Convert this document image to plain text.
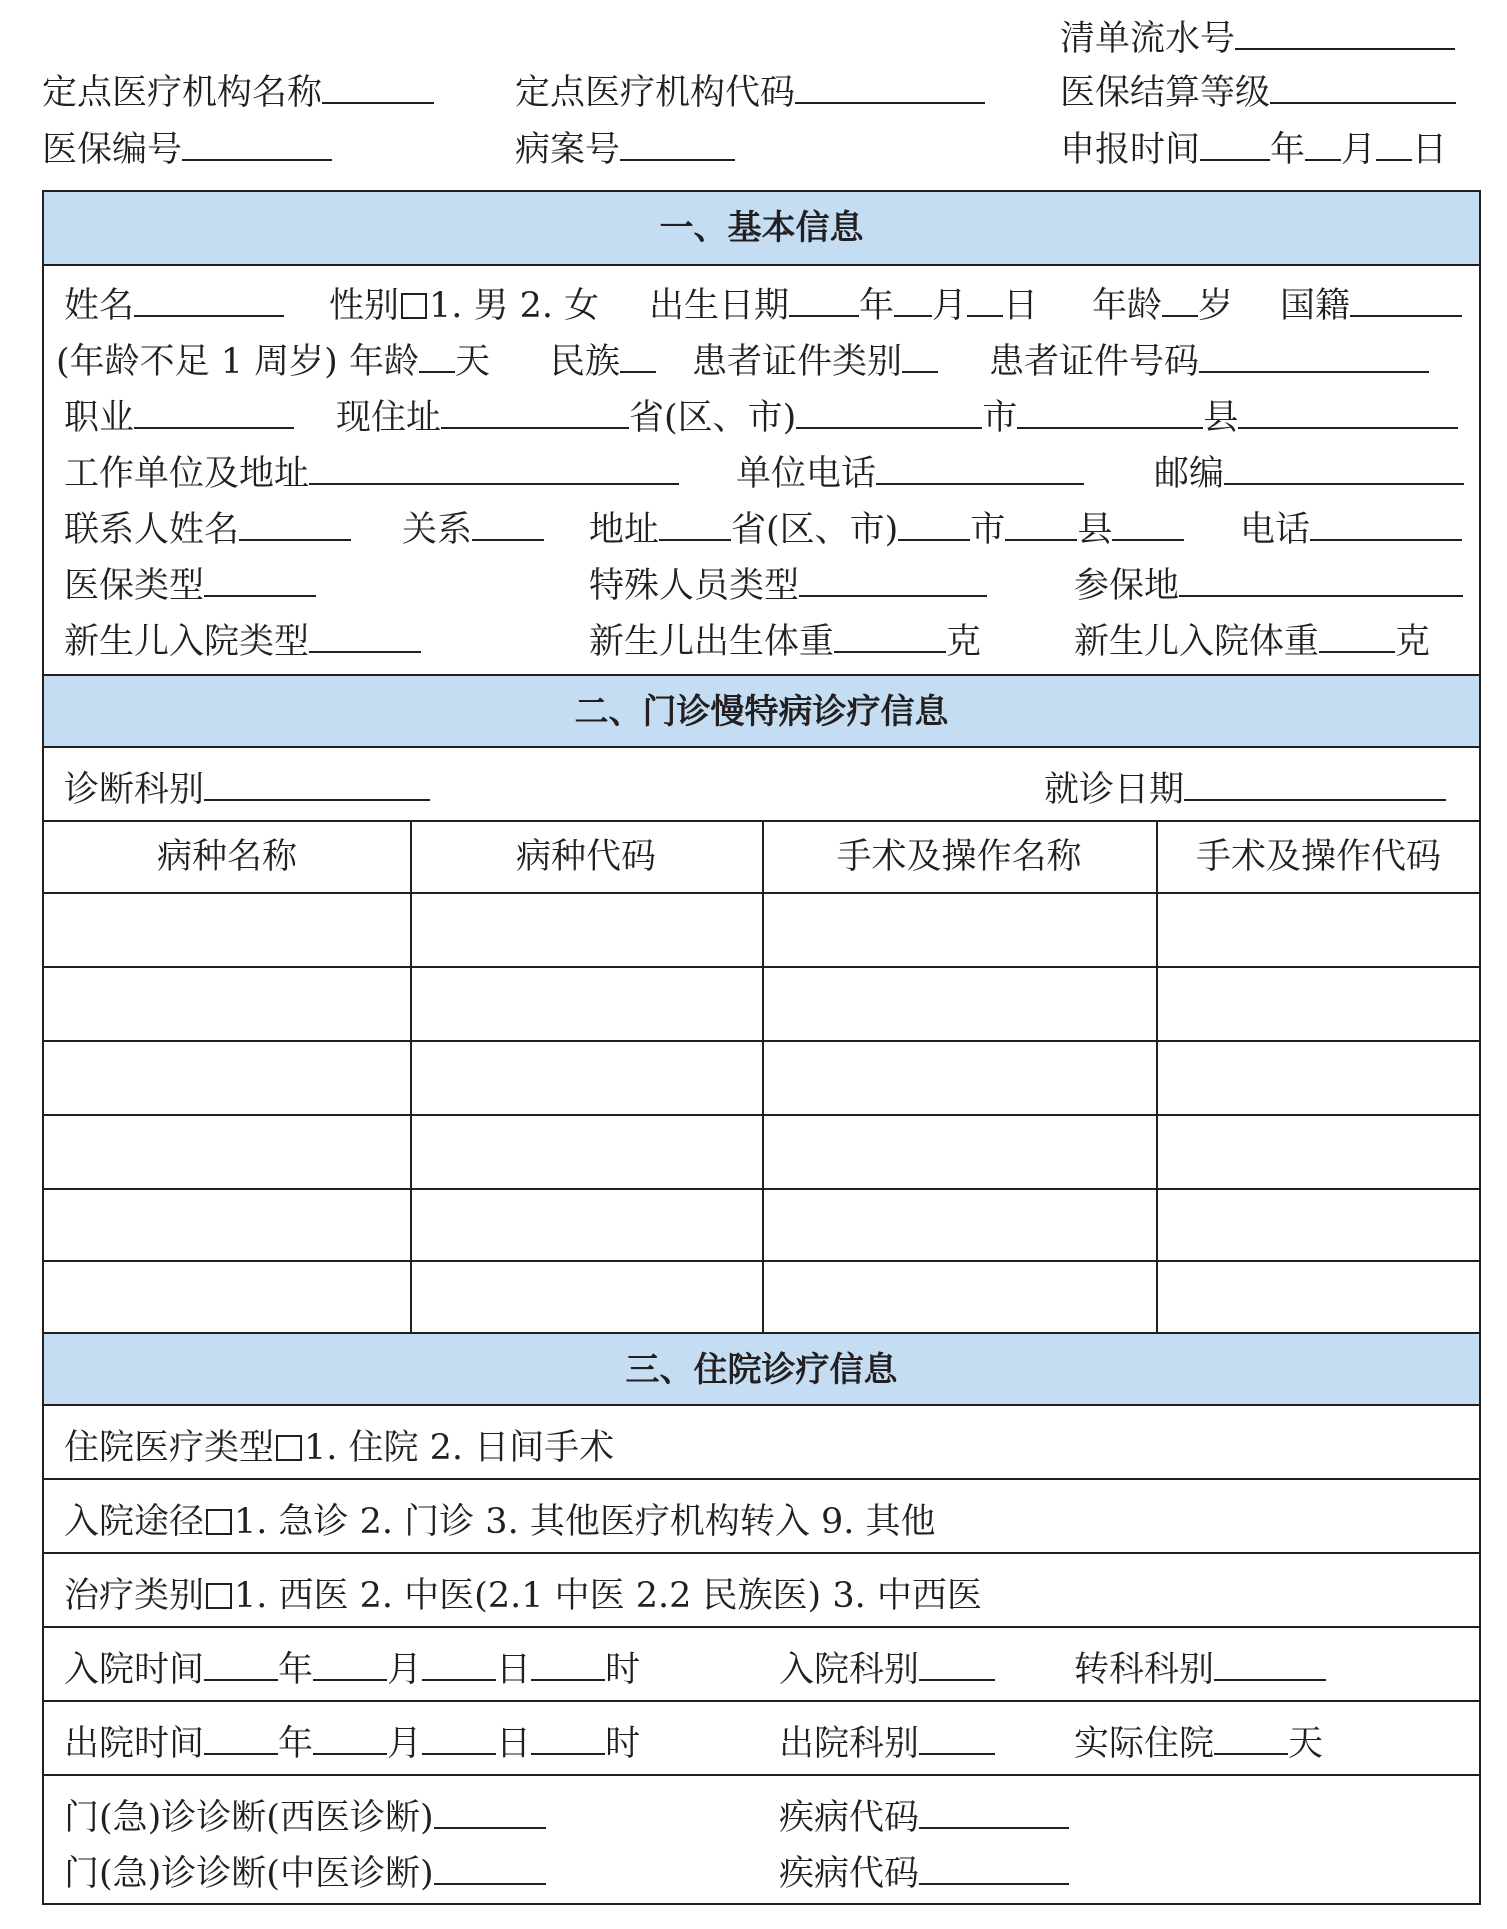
清单流水号
定点医疗机构名称	定点医疗机构代码	医保结算等级
医保编号	病案号	申报时间 年 月 日
一、基本信息
姓名	性别 1. 男 2. 女 出生日期 年 月 日 年龄 岁 国籍
(年龄不足 1 周岁) 年龄 天 民族	患者证件类别	患者证件号码
职业	现住址	省(区、市)	市	县
工作单位及地址	单位电话	邮编
联系人姓名	关系	地址 省(区、市) 市 县	电话
医保类型	特殊人员类型	参保地
新生儿入院类型	新生儿出生体重	克	新生儿入院体重 克
二、门诊慢特病诊疗信息
诊断科别	就诊日期
病种名称	病种代码	手术及操作名称	手术及操作代码
三、住院诊疗信息
住院医疗类型 1. 住院 2. 日间手术
入院途径 1. 急诊 2. 门诊 3. 其他医疗机构转入 9. 其他
治疗类别 1. 西医 2. 中医(2.1 中医 2.2 民族医) 3. 中西医
入院时间 年 月 日 时	入院科别	转科科别
出院时间 年 月 日 时	出院科别	实际住院 天
门(急)诊诊断(西医诊断)	疾病代码
门(急)诊诊断(中医诊断)	疾病代码
